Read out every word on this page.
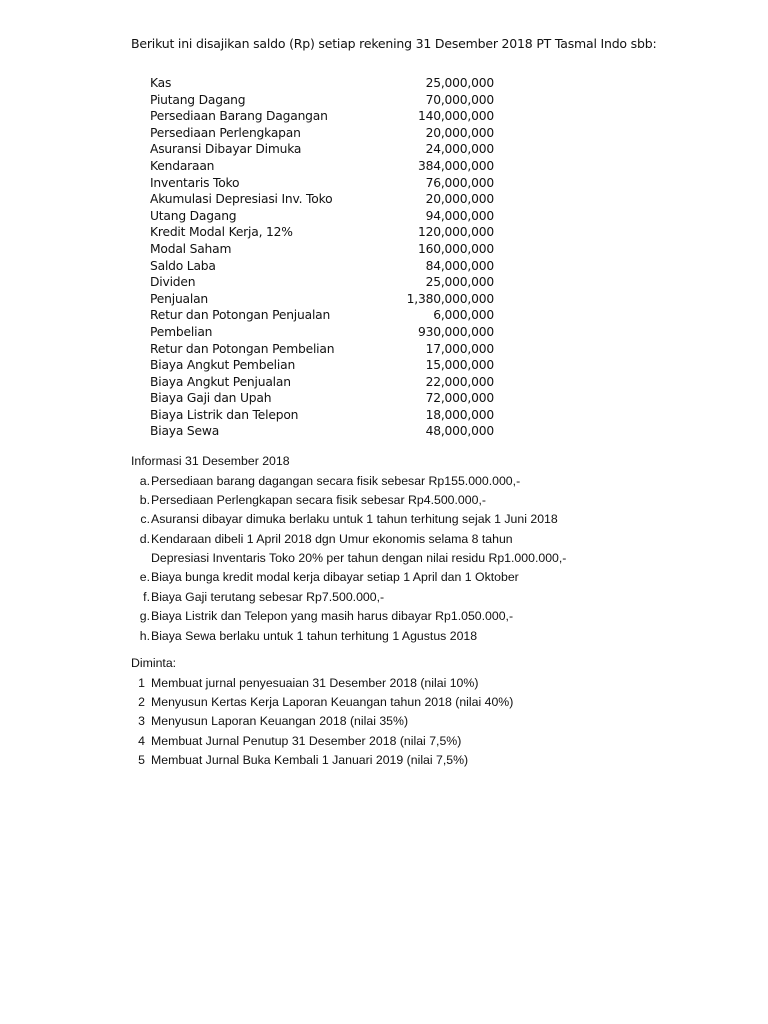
Berikut ini disajikan saldo (Rp) setiap rekening 31 Desember 2018 PT Tasmal Indo sbb:
Kas	25,000,000
Piutang Dagang	70,000,000
Persediaan Barang Dagangan	140,000,000
Persediaan Perlengkapan	20,000,000
Asuransi Dibayar Dimuka	24,000,000
Kendaraan	384,000,000
Inventaris Toko	76,000,000
Akumulasi Depresiasi Inv. Toko	20,000,000
Utang Dagang	94,000,000
Kredit Modal Kerja, 12%	120,000,000
Modal Saham	160,000,000
Saldo Laba	84,000,000
Dividen	25,000,000
Penjualan	1,380,000,000
Retur dan Potongan Penjualan	6,000,000
Pembelian	930,000,000
Retur dan Potongan Pembelian	17,000,000
Biaya Angkut Pembelian	15,000,000
Biaya Angkut Penjualan	22,000,000
Biaya Gaji dan Upah	72,000,000
Biaya Listrik dan Telepon	18,000,000
Biaya Sewa	48,000,000
Informasi 31 Desember 2018
a. Persediaan barang dagangan secara fisik sebesar Rp155.000.000,-
b. Persediaan Perlengkapan secara fisik sebesar Rp4.500.000,-
c. Asuransi dibayar dimuka berlaku untuk 1 tahun terhitung sejak 1 Juni 2018
d. Kendaraan dibeli 1 April 2018 dgn Umur ekonomis selama 8 tahun
Depresiasi Inventaris Toko 20% per tahun dengan nilai residu Rp1.000.000,-
e. Biaya bunga kredit modal kerja dibayar setiap 1 April dan 1 Oktober
f. Biaya Gaji terutang sebesar Rp7.500.000,-
g. Biaya Listrik dan Telepon yang masih harus dibayar Rp1.050.000,-
h. Biaya Sewa berlaku untuk 1 tahun terhitung 1 Agustus 2018
Diminta:
1 Membuat jurnal penyesuaian 31 Desember 2018 (nilai 10%)
2 Menyusun Kertas Kerja Laporan Keuangan tahun 2018 (nilai 40%)
3 Menyusun Laporan Keuangan 2018 (nilai 35%)
4 Membuat Jurnal Penutup 31 Desember 2018 (nilai 7,5%)
5 Membuat Jurnal Buka Kembali 1 Januari 2019 (nilai 7,5%)
